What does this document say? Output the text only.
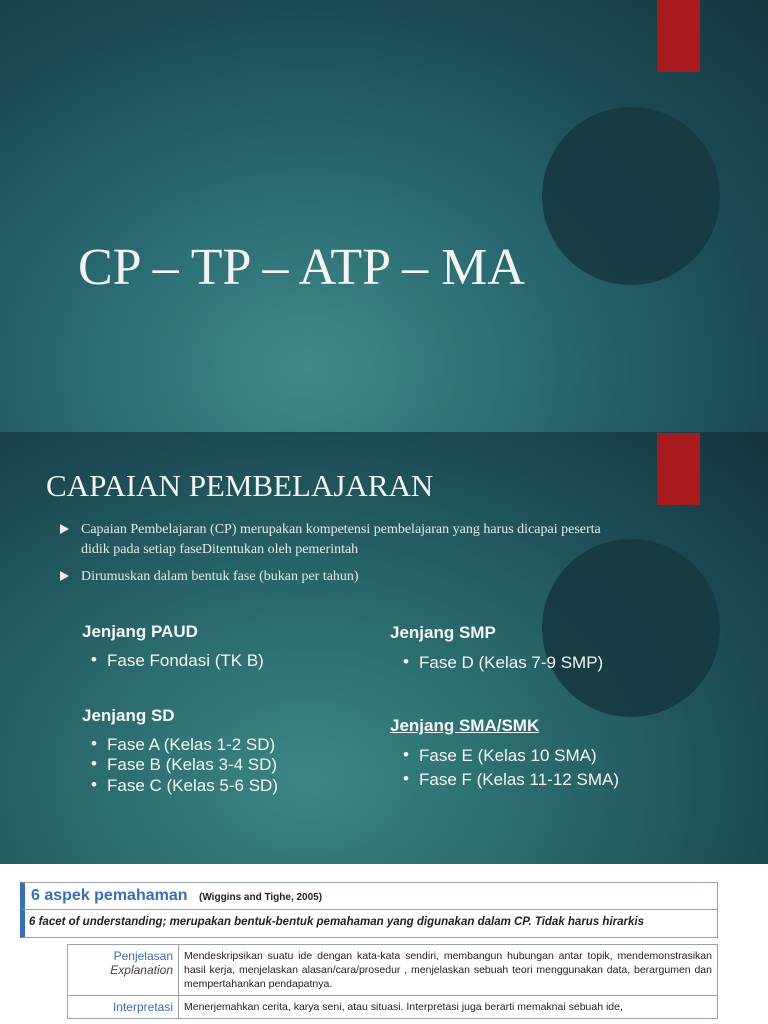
CP – TP – ATP – MA
CAPAIAN PEMBELAJARAN
Capaian Pembelajaran (CP) merupakan kompetensi pembelajaran yang harus dicapai peserta didik pada setiap faseDitentukan oleh pemerintah
Dirumuskan dalam bentuk fase (bukan per tahun)
Jenjang PAUD
• Fase Fondasi (TK B)
Jenjang SD
• Fase A (Kelas 1-2 SD)
• Fase B (Kelas 3-4 SD)
• Fase C (Kelas 5-6 SD)
Jenjang SMP
• Fase D (Kelas 7-9 SMP)
Jenjang SMA/SMK
• Fase E (Kelas 10 SMA)
• Fase F (Kelas 11-12 SMA)
6 aspek pemahaman (Wiggins and Tighe, 2005)
6 facet of understanding; merupakan bentuk-bentuk pemahaman yang digunakan dalam CP. Tidak harus hirarkis
Penjelasan
Explanation	Mendeskripsikan suatu ide dengan kata-kata sendiri, membangun hubungan antar topik, mendemonstrasikan hasil kerja, menjelaskan alasan/cara/prosedur , menjelaskan sebuah teori menggunakan data, berargumen dan mempertahankan pendapatnya.

Interpretasi	Menerjemahkan cerita, karya seni, atau situasi. Interpretasi juga berarti memaknai sebuah ide,
